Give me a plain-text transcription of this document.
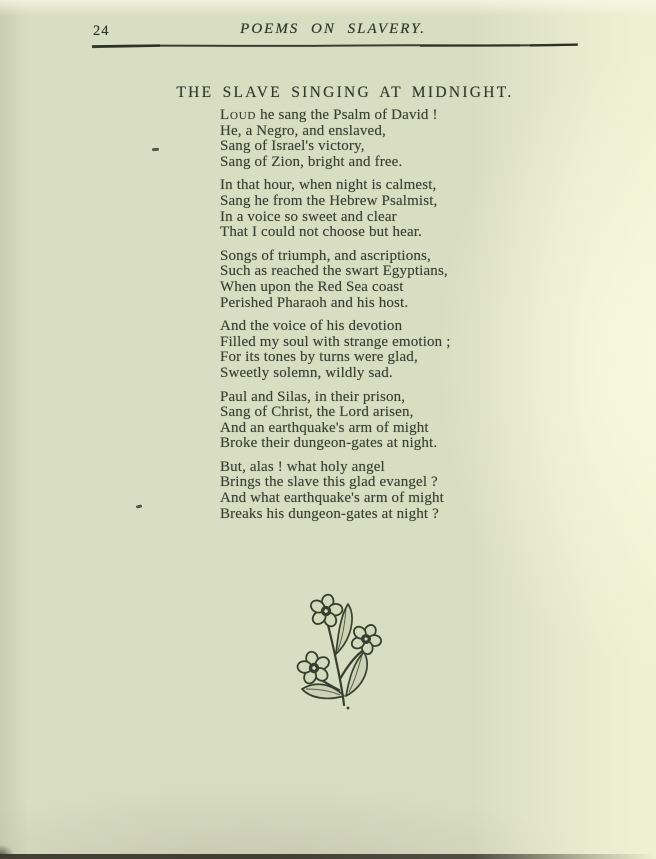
24	POEMS ON SLAVERY.
THE SLAVE SINGING AT MIDNIGHT.
Loud he sang the Psalm of David !
He, a Negro, and enslaved,
Sang of Israel's victory,
Sang of Zion, bright and free.
In that hour, when night is calmest,
Sang he from the Hebrew Psalmist,
In a voice so sweet and clear
That I could not choose but hear.
Songs of triumph, and ascriptions,
Such as reached the swart Egyptians,
When upon the Red Sea coast
Perished Pharaoh and his host.
And the voice of his devotion
Filled my soul with strange emotion ;
For its tones by turns were glad,
Sweetly solemn, wildly sad.
Paul and Silas, in their prison,
Sang of Christ, the Lord arisen,
And an earthquake's arm of might
Broke their dungeon-gates at night.
But, alas ! what holy angel
Brings the slave this glad evangel ?
And what earthquake's arm of might
Breaks his dungeon-gates at night ?
